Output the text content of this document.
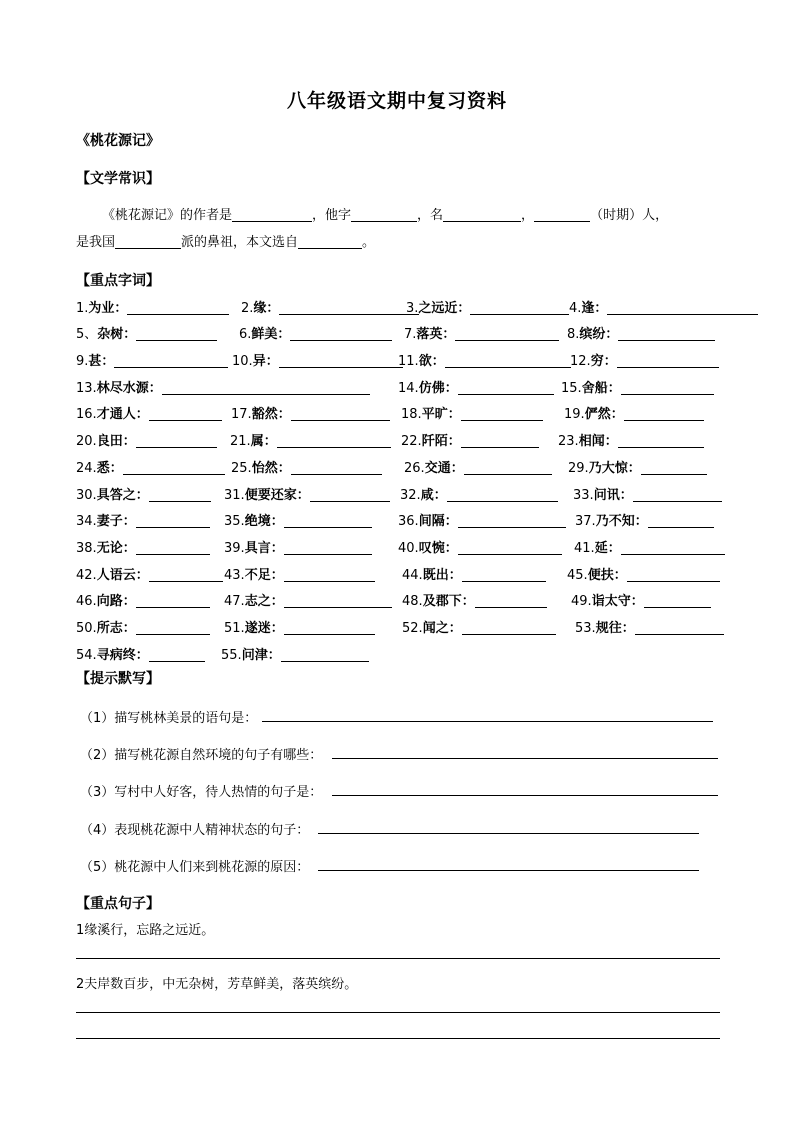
八年级语文期中复习资料
《桃花源记》
【文学常识】
《桃花源记》的作者是	，他字	，名	，	（时期）人，
是我国	派的鼻祖，本文选自	。
【重点字词】
1.为业：	2.缘：	3.之远近：	4.逢：
5、杂树：	6.鲜美：	7.落英：	8.缤纷：
9.甚：	10.异：	11.欲：	12.穷：
13.林尽水源：	14.仿佛：	15.舍船：
16.才通人：	17.豁然：	18.平旷：	19.俨然：
20.良田：	21.属：	22.阡陌：	23.相闻：
24.悉：	25.怡然：	26.交通：	29.乃大惊：
30.具答之：	31.便要还家：	32.咸：	33.问讯：
34.妻子：	35.绝境：	36.间隔：	37.乃不知：
38.无论：	39.具言：	40.叹惋：	41.延：
42.人语云：	43.不足：	44.既出：	45.便扶：
46.向路：	47.志之：	48.及郡下：	49.诣太守：
50.所志：	51.遂迷：	52.闻之：	53.规往：
54.寻病终：	55.问津：
【提示默写】
（1）描写桃林美景的语句是：
（2）描写桃花源自然环境的句子有哪些：
（3）写村中人好客，待人热情的句子是：
（4）表现桃花源中人精神状态的句子：
（5）桃花源中人们来到桃花源的原因：
【重点句子】
1缘溪行，忘路之远近。
2夫岸数百步，中无杂树，芳草鲜美，落英缤纷。
